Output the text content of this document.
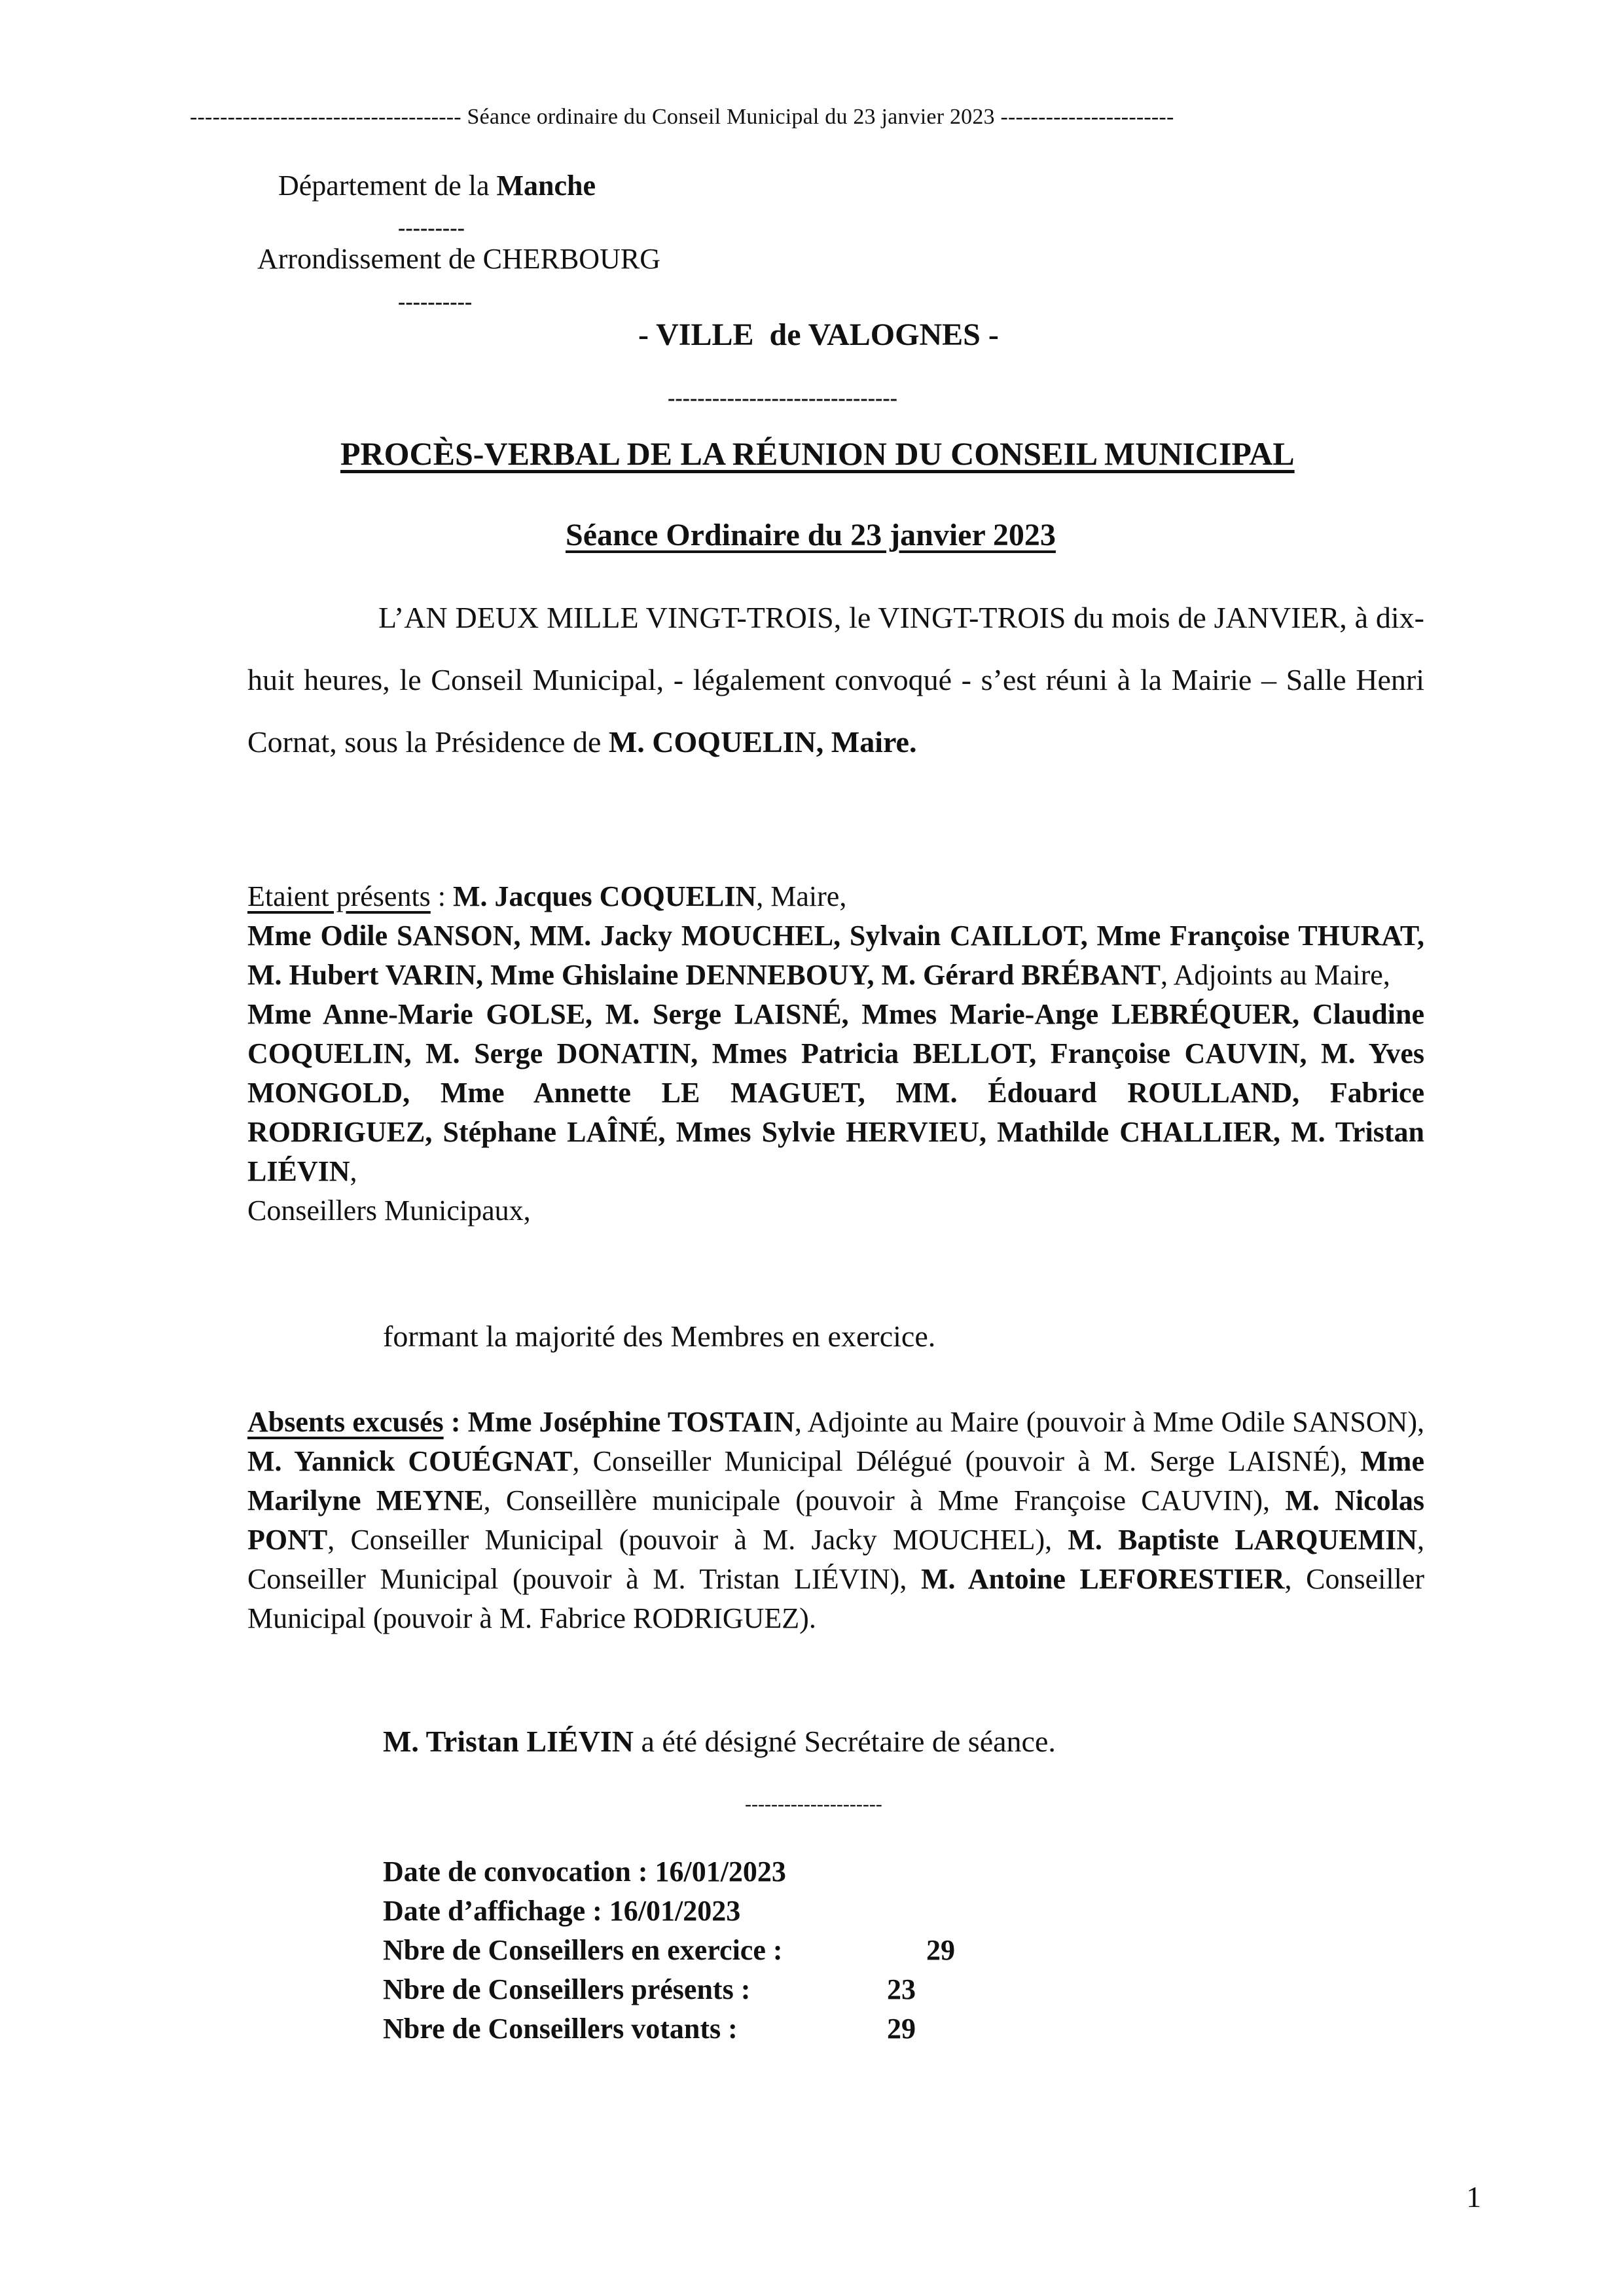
------------------------------------ Séance ordinaire du Conseil Municipal du 23 janvier 2023 -----------------------
Département de la Manche
---------
Arrondissement de CHERBOURG
----------
- VILLE  de VALOGNES -
-------------------------------
PROCÈS-VERBAL DE LA RÉUNION DU CONSEIL MUNICIPAL
Séance Ordinaire du 23 janvier 2023
L’AN DEUX MILLE VINGT-TROIS, le VINGT-TROIS du mois de JANVIER, à dix-huit heures, le Conseil Municipal, - légalement convoqué - s’est réuni à la Mairie – Salle Henri Cornat, sous la Présidence de M. COQUELIN, Maire.
Etaient présents : M. Jacques COQUELIN, Maire,
Mme Odile SANSON, MM. Jacky MOUCHEL, Sylvain CAILLOT, Mme Françoise THURAT, M. Hubert VARIN, Mme Ghislaine DENNEBOUY, M. Gérard BRÉBANT, Adjoints au Maire,
Mme Anne-Marie GOLSE, M. Serge LAISNÉ, Mmes Marie-Ange LEBRÉQUER, Claudine COQUELIN, M. Serge DONATIN, Mmes Patricia BELLOT, Françoise CAUVIN, M. Yves MONGOLD, Mme Annette LE MAGUET, MM. Édouard ROULLAND, Fabrice RODRIGUEZ, Stéphane LAÎNÉ, Mmes Sylvie HERVIEU, Mathilde CHALLIER, M. Tristan LIÉVIN,
Conseillers Municipaux,
formant la majorité des Membres en exercice.
Absents excusés : Mme Joséphine TOSTAIN, Adjointe au Maire (pouvoir à Mme Odile SANSON), M. Yannick COUÉGNAT, Conseiller Municipal Délégué (pouvoir à M. Serge LAISNÉ), Mme Marilyne MEYNE, Conseillère municipale (pouvoir à Mme Françoise CAUVIN), M. Nicolas PONT, Conseiller Municipal (pouvoir à M. Jacky MOUCHEL), M. Baptiste LARQUEMIN, Conseiller Municipal (pouvoir à M. Tristan LIÉVIN), M. Antoine LEFORESTIER, Conseiller Municipal (pouvoir à M. Fabrice RODRIGUEZ).
M. Tristan LIÉVIN a été désigné Secrétaire de séance.
---------------------
Date de convocation : 16/01/2023
Date d’affichage : 16/01/2023
Nbre de Conseillers en exercice :	29
Nbre de Conseillers présents :	23
Nbre de Conseillers votants :	29
1
